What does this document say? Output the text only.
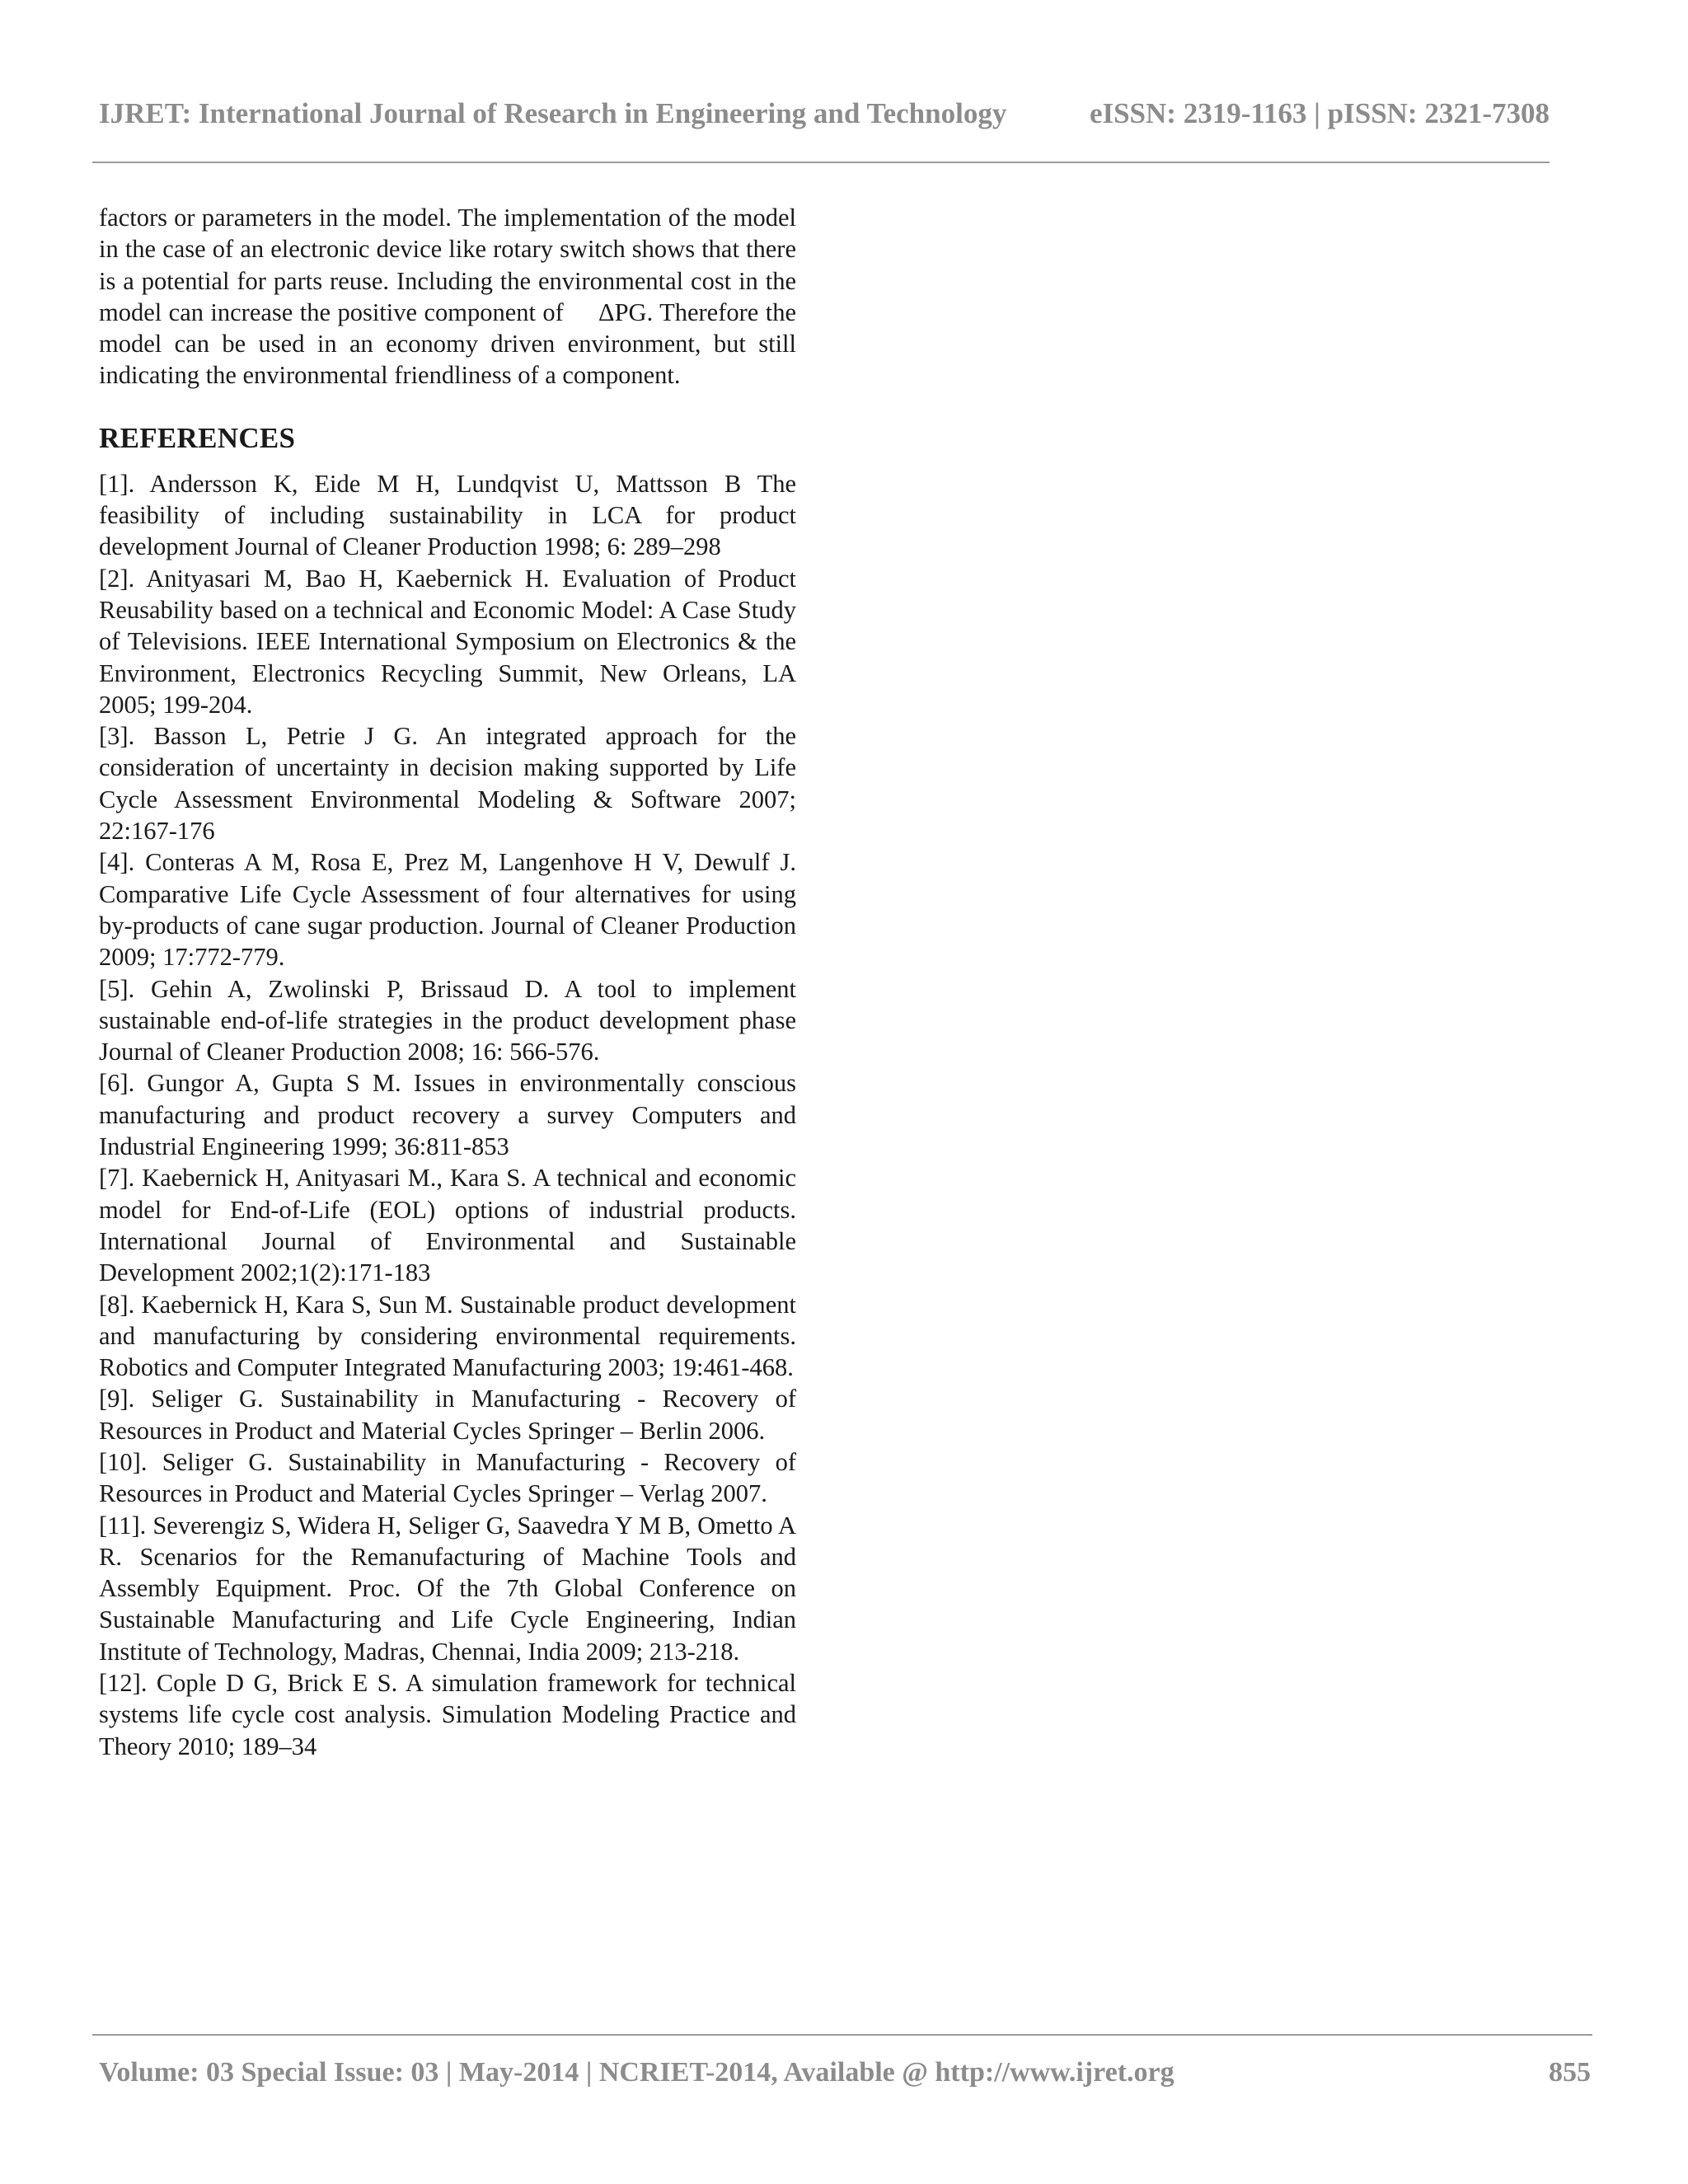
IJRET: International Journal of Research in Engineering and Technology	eISSN: 2319-1163 | pISSN: 2321-7308

factors or parameters in the model. The implementation of the model in the case of an electronic device like rotary switch shows that there is a potential for parts reuse. Including the environmental cost in the model can increase the positive component of     ΔPG. Therefore the model can be used in an economy driven environment, but still indicating the environmental friendliness of a component.

REFERENCES
[1]. Andersson K, Eide M H, Lundqvist U, Mattsson B The feasibility of including sustainability in LCA for product development Journal of Cleaner Production 1998; 6: 289–298
[2]. Anityasari M, Bao H, Kaebernick H. Evaluation of Product Reusability based on a technical and Economic Model: A Case Study of Televisions. IEEE International Symposium on Electronics & the Environment, Electronics Recycling Summit, New Orleans, LA 2005; 199-204.
[3]. Basson L, Petrie J G. An integrated approach for the consideration of uncertainty in decision making supported by Life Cycle Assessment Environmental Modeling & Software 2007; 22:167-176
[4]. Conteras A M, Rosa E, Prez M, Langenhove H V, Dewulf J. Comparative Life Cycle Assessment of four alternatives for using by-products of cane sugar production. Journal of Cleaner Production 2009; 17:772-779.
[5]. Gehin A, Zwolinski P, Brissaud D. A tool to implement sustainable end-of-life strategies in the product development phase Journal of Cleaner Production 2008; 16: 566-576.
[6]. Gungor A, Gupta S M. Issues in environmentally conscious manufacturing and product recovery a survey Computers and Industrial Engineering 1999; 36:811-853
[7]. Kaebernick H, Anityasari M., Kara S. A technical and economic model for End-of-Life (EOL) options of industrial products. International Journal of Environmental and Sustainable Development 2002;1(2):171-183
[8]. Kaebernick H, Kara S, Sun M. Sustainable product development and manufacturing by considering environmental requirements. Robotics and Computer Integrated Manufacturing 2003; 19:461-468.
[9]. Seliger G. Sustainability in Manufacturing - Recovery of Resources in Product and Material Cycles Springer – Berlin 2006.
[10]. Seliger G. Sustainability in Manufacturing - Recovery of Resources in Product and Material Cycles Springer – Verlag 2007.
[11]. Severengiz S, Widera H, Seliger G, Saavedra Y M B, Ometto A R. Scenarios for the Remanufacturing of Machine Tools and Assembly Equipment. Proc. Of the 7th Global Conference on Sustainable Manufacturing and Life Cycle Engineering, Indian Institute of Technology, Madras, Chennai, India 2009; 213-218.
[12]. Cople D G, Brick E S. A simulation framework for technical systems life cycle cost analysis. Simulation Modeling Practice and Theory 2010; 189–34
Volume: 03 Special Issue: 03 | May-2014 | NCRIET-2014, Available @ http://www.ijret.org	855
